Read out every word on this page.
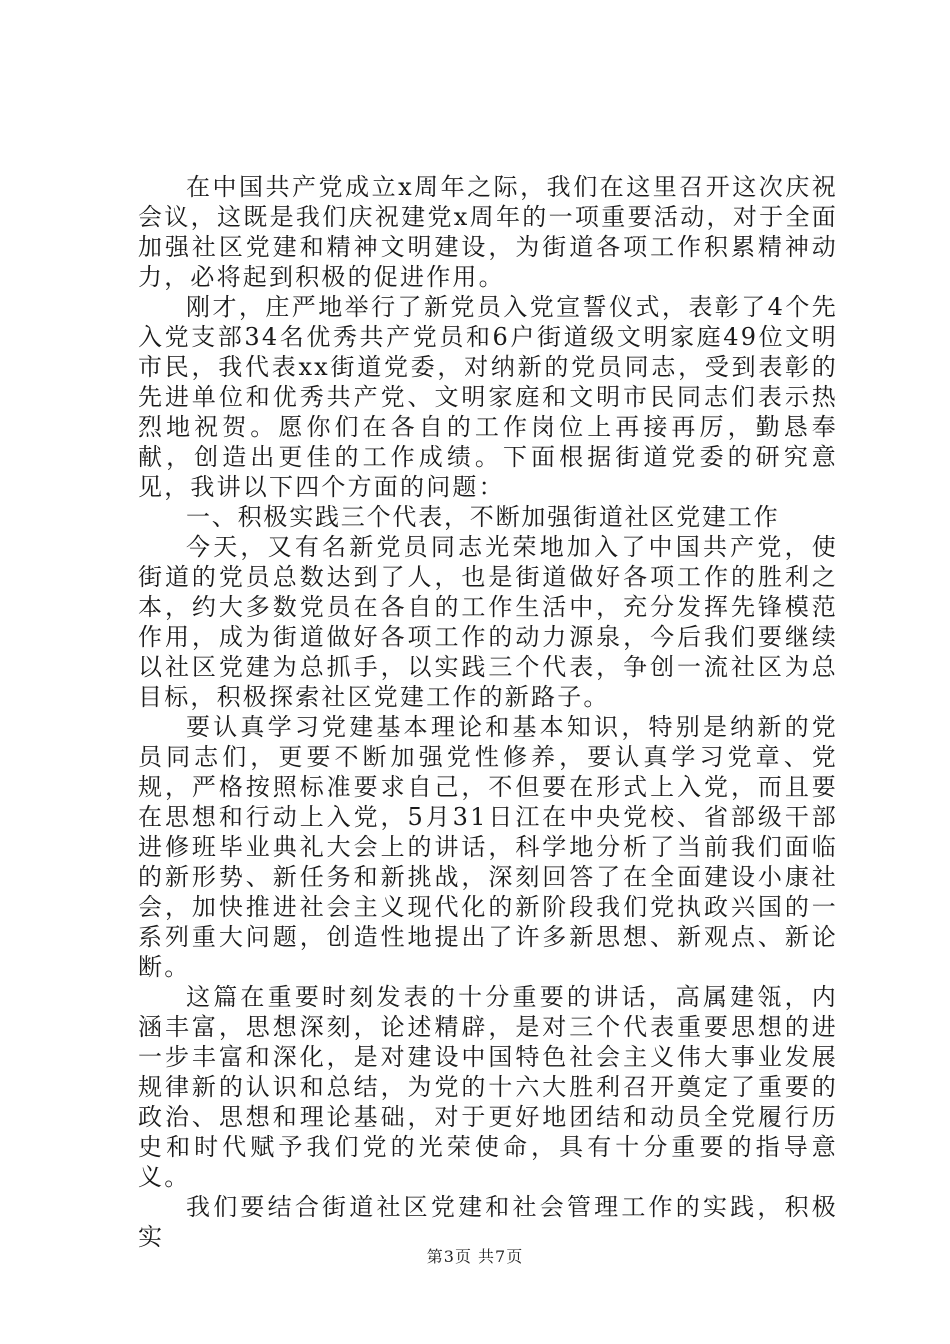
在中国共产党成立x周年之际，我们在这里召开这次庆祝会议，这既是我们庆祝建党x周年的一项重要活动，对于全面加强社区党建和精神文明建设，为街道各项工作积累精神动力，必将起到积极的促进作用。

刚才，庄严地举行了新党员入党宣誓仪式，表彰了4个先入党支部34名优秀共产党员和6户街道级文明家庭49位文明市民，我代表xx街道党委，对纳新的党员同志，受到表彰的先进单位和优秀共产党、文明家庭和文明市民同志们表示热烈地祝贺。愿你们在各自的工作岗位上再接再厉，勤恳奉献，创造出更佳的工作成绩。下面根据街道党委的研究意见，我讲以下四个方面的问题：

一、积极实践三个代表，不断加强街道社区党建工作

今天，又有名新党员同志光荣地加入了中国共产党，使街道的党员总数达到了人，也是街道做好各项工作的胜利之本，约大多数党员在各自的工作生活中，充分发挥先锋模范作用，成为街道做好各项工作的动力源泉，今后我们要继续以社区党建为总抓手，以实践三个代表，争创一流社区为总目标，积极探索社区党建工作的新路子。

要认真学习党建基本理论和基本知识，特别是纳新的党员同志们，更要不断加强党性修养，要认真学习党章、党规，严格按照标准要求自己，不但要在形式上入党，而且要在思想和行动上入党，5月31日江在中央党校、省部级干部进修班毕业典礼大会上的讲话，科学地分析了当前我们面临的新形势、新任务和新挑战，深刻回答了在全面建设小康社会，加快推进社会主义现代化的新阶段我们党执政兴国的一系列重大问题，创造性地提出了许多新思想、新观点、新论断。

这篇在重要时刻发表的十分重要的讲话，高属建瓴，内涵丰富，思想深刻，论述精辟，是对三个代表重要思想的进一步丰富和深化，是对建设中国特色社会主义伟大事业发展规律新的认识和总结，为党的十六大胜利召开奠定了重要的政治、思想和理论基础，对于更好地团结和动员全党履行历史和时代赋予我们党的光荣使命，具有十分重要的指导意义。

我们要结合街道社区党建和社会管理工作的实践，积极实

第3页 共7页
